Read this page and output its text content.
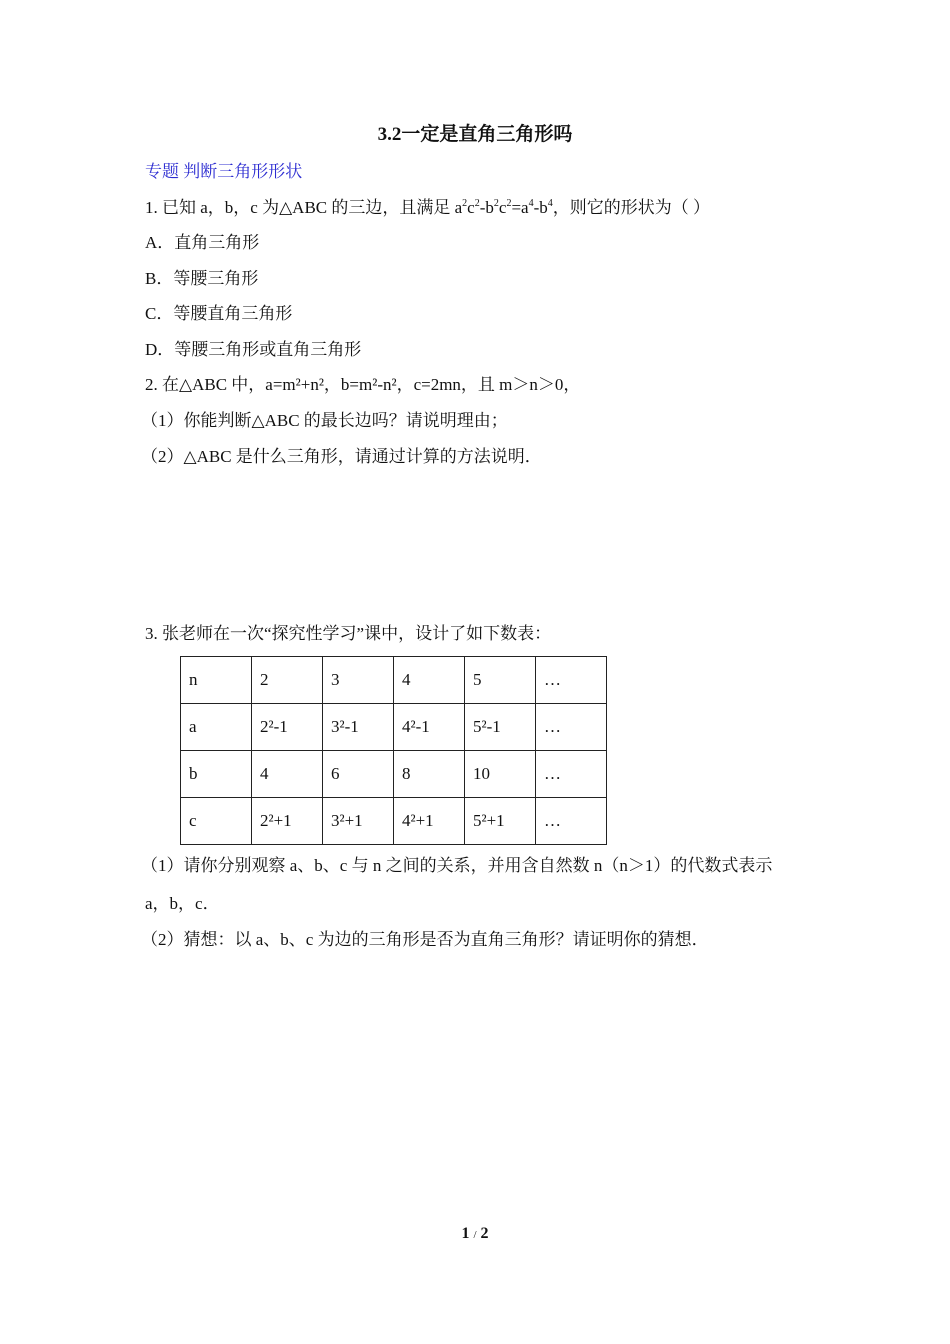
3.2一定是直角三角形吗
专题 判断三角形形状
1. 已知 a，b，c 为△ABC 的三边，且满足 $a^2c^2-b^2c^2=a^4-b^4$，则它的形状为（ ）
A．直角三角形
B．等腰三角形
C．等腰直角三角形
D．等腰三角形或直角三角形
2. 在△ABC 中，a=m²+n²，b=m²-n²，c=2mn，且 m＞n＞0，
（1）你能判断△ABC 的最长边吗？请说明理由；
（2）△ABC 是什么三角形，请通过计算的方法说明．
3. 张老师在一次“探究性学习”课中，设计了如下数表：
n	2	3	4	5	…
a	2²-1	3²-1	4²-1	5²-1	…
b	4	6	8	10	…
c	2²+1	3²+1	4²+1	5²+1	…
（1）请你分别观察 a、b、c 与 n 之间的关系，并用含自然数 n（n＞1）的代数式表示
a，b，c．
（2）猜想：以 a、b、c 为边的三角形是否为直角三角形？请证明你的猜想．
1 / 2
